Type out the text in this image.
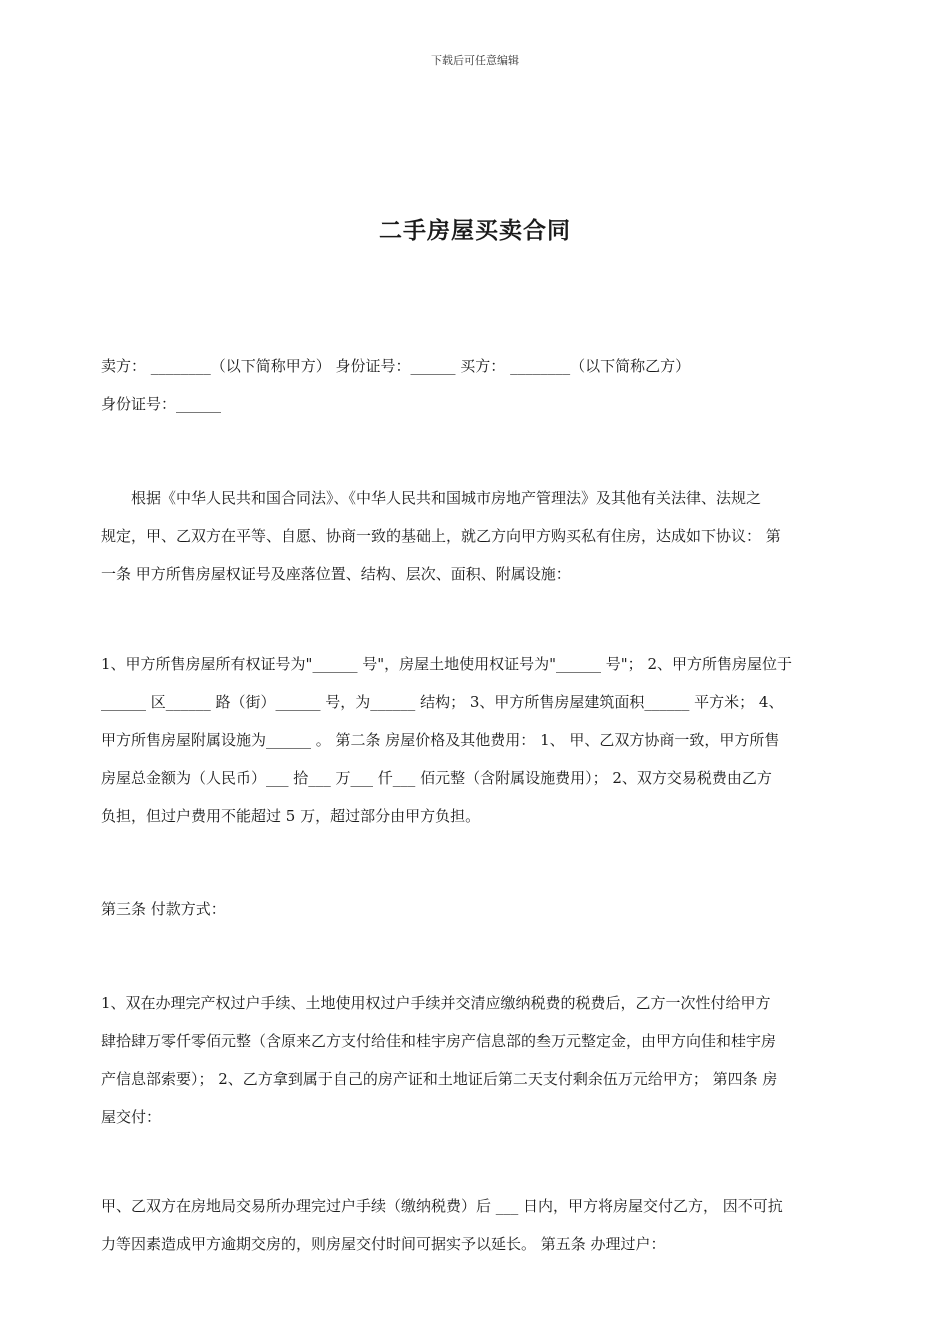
下载后可任意编辑
二手房屋买卖合同
卖方： ________（以下简称甲方） 身份证号：______ 买方： ________（以下简称乙方）
身份证号：______
根据《中华人民共和国合同法》、《中华人民共和国城市房地产管理法》及其他有关法律、法规之
规定，甲、乙双方在平等、自愿、协商一致的基础上，就乙方向甲方购买私有住房，达成如下协议： 第
一条 甲方所售房屋权证号及座落位置、结构、层次、面积、附属设施：
1、甲方所售房屋所有权证号为"______ 号"，房屋土地使用权证号为"______ 号"； 2、甲方所售房屋位于
______ 区______ 路（街）______ 号，为______ 结构； 3、甲方所售房屋建筑面积______ 平方米； 4、
甲方所售房屋附属设施为______ 。 第二条 房屋价格及其他费用： 1、 甲、乙双方协商一致，甲方所售
房屋总金额为（人民币）___ 拾___ 万___ 仟___ 佰元整（含附属设施费用）； 2、双方交易税费由乙方
负担，但过户费用不能超过 5 万，超过部分由甲方负担。
第三条 付款方式：
1、双在办理完产权过户手续、土地使用权过户手续并交清应缴纳税费的税费后，乙方一次性付给甲方
肆拾肆万零仟零佰元整（含原来乙方支付给佳和桂宇房产信息部的叁万元整定金，由甲方向佳和桂宇房
产信息部索要）； 2、乙方拿到属于自己的房产证和土地证后第二天支付剩余伍万元给甲方； 第四条 房
屋交付：
甲、乙双方在房地局交易所办理完过户手续（缴纳税费）后 ___ 日内，甲方将房屋交付乙方， 因不可抗
力等因素造成甲方逾期交房的，则房屋交付时间可据实予以延长。 第五条 办理过户：
